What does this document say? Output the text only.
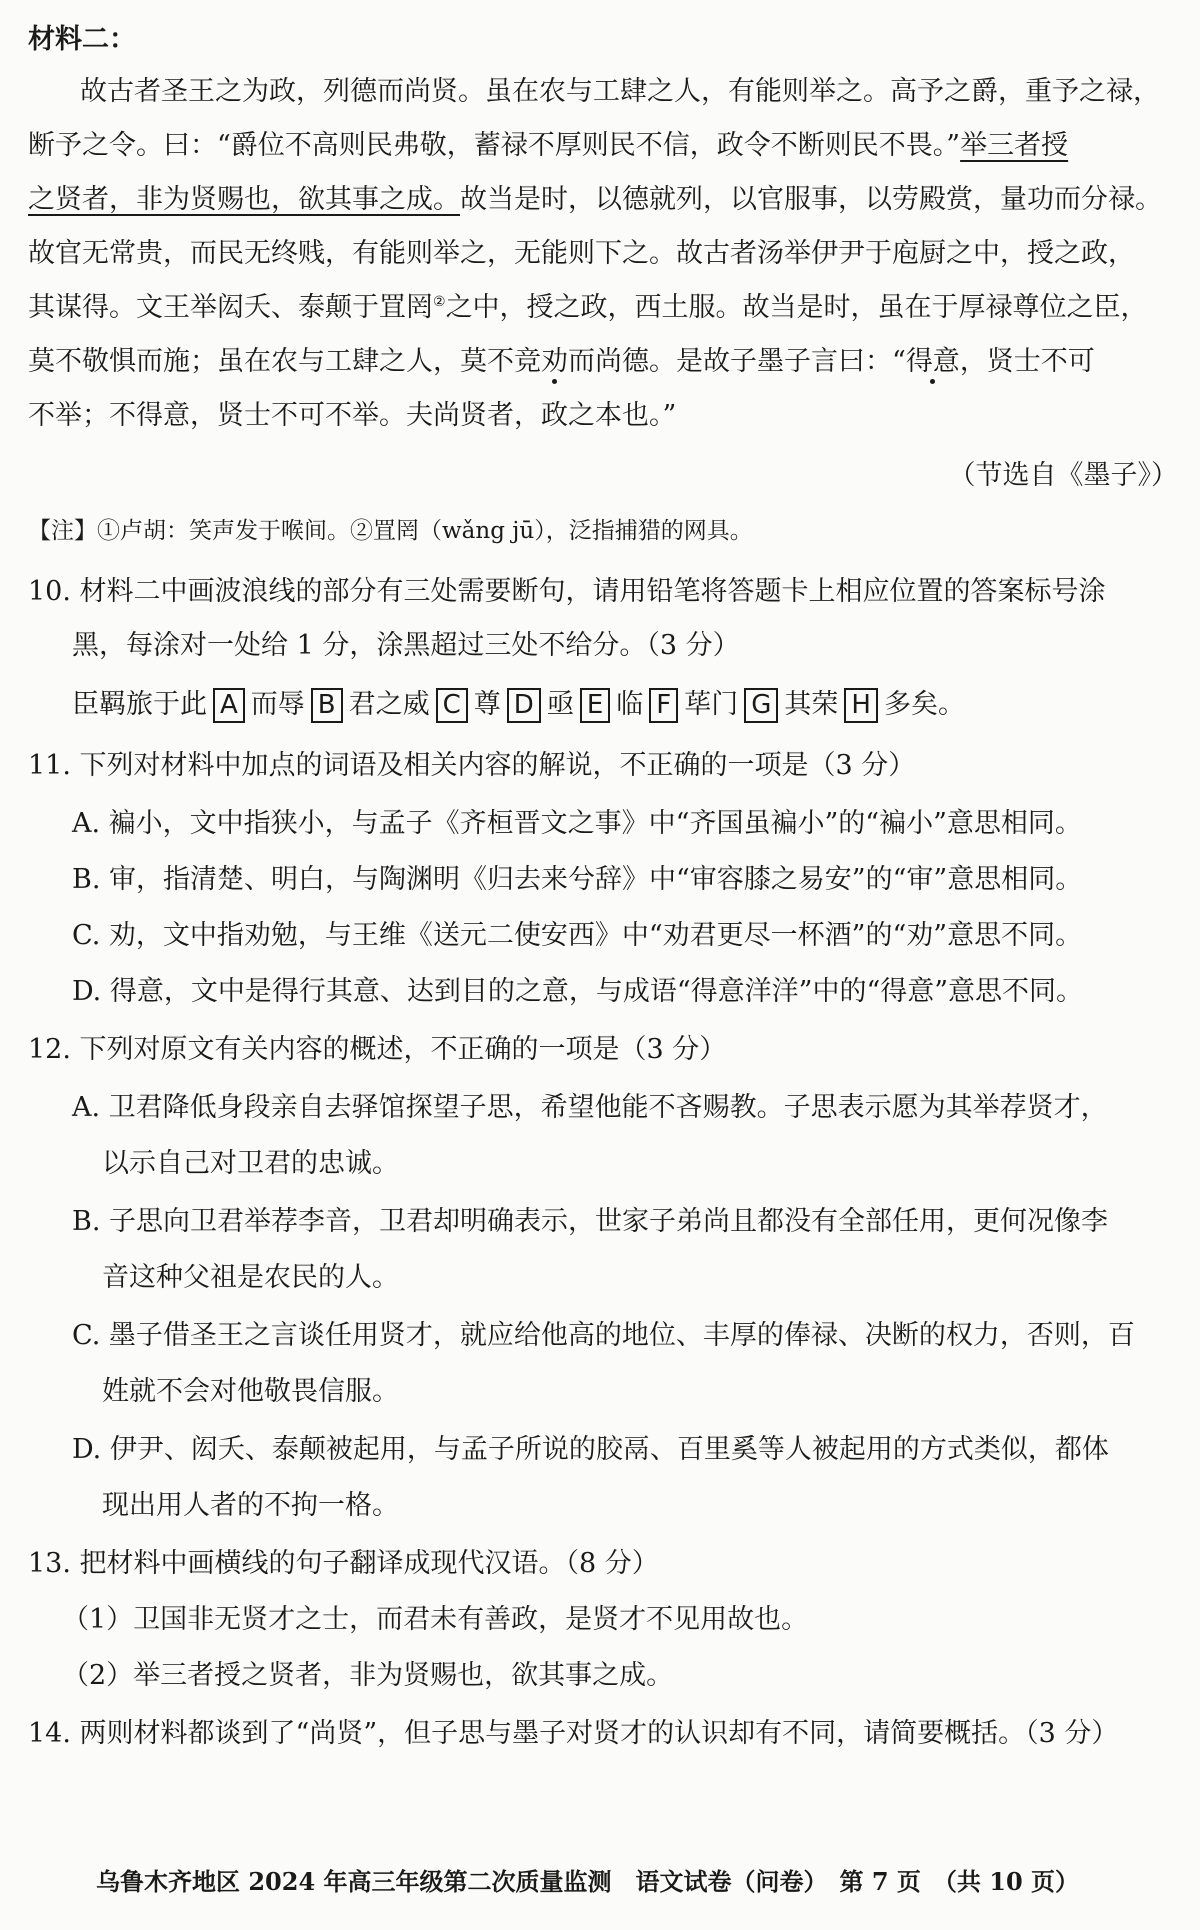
材料二：
故古者圣王之为政，列德而尚贤。虽在农与工肆之人，有能则举之。高予之爵，重予之禄，
断予之令。曰：“爵位不高则民弗敬，蓄禄不厚则民不信，政令不断则民不畏。”举三者授
之贤者，非为贤赐也，欲其事之成。故当是时，以德就列，以官服事，以劳殿赏，量功而分禄。
故官无常贵，而民无终贱，有能则举之，无能则下之。故古者汤举伊尹于庖厨之中，授之政，
其谋得。文王举闳夭、泰颠于罝罔②之中，授之政，西土服。故当是时，虽在于厚禄尊位之臣，
莫不敬惧而施；虽在农与工肆之人，莫不竞劝而尚德。是故子墨子言曰：“得意，贤士不可
不举；不得意，贤士不可不举。夫尚贤者，政之本也。”
（节选自《墨子》）
【注】①卢胡：笑声发于喉间。②罝罔（wǎng jū），泛指捕猎的网具。
10. 材料二中画波浪线的部分有三处需要断句，请用铅笔将答题卡上相应位置的答案标号涂
黑，每涂对一处给 1 分，涂黑超过三处不给分。（3 分）
臣羁旅于此 A 而辱 B 君之威 C 尊 D 亟 E 临 F 荜门 G 其荣 H 多矣。
11. 下列对材料中加点的词语及相关内容的解说，不正确的一项是（3 分）
A. 褊小，文中指狭小，与孟子《齐桓晋文之事》中“齐国虽褊小”的“褊小”意思相同。
B. 审，指清楚、明白，与陶渊明《归去来兮辞》中“审容膝之易安”的“审”意思相同。
C. 劝，文中指劝勉，与王维《送元二使安西》中“劝君更尽一杯酒”的“劝”意思不同。
D. 得意，文中是得行其意、达到目的之意，与成语“得意洋洋”中的“得意”意思不同。
12. 下列对原文有关内容的概述，不正确的一项是（3 分）
A. 卫君降低身段亲自去驿馆探望子思，希望他能不吝赐教。子思表示愿为其举荐贤才，
以示自己对卫君的忠诚。
B. 子思向卫君举荐李音，卫君却明确表示，世家子弟尚且都没有全部任用，更何况像李
音这种父祖是农民的人。
C. 墨子借圣王之言谈任用贤才，就应给他高的地位、丰厚的俸禄、决断的权力，否则，百
姓就不会对他敬畏信服。
D. 伊尹、闳夭、泰颠被起用，与孟子所说的胶鬲、百里奚等人被起用的方式类似，都体
现出用人者的不拘一格。
13. 把材料中画横线的句子翻译成现代汉语。（8 分）
（1）卫国非无贤才之士，而君未有善政，是贤才不见用故也。
（2）举三者授之贤者，非为贤赐也，欲其事之成。
14. 两则材料都谈到了“尚贤”，但子思与墨子对贤才的认识却有不同，请简要概括。（3 分）
乌鲁木齐地区 2024 年高三年级第二次质量监测　语文试卷（问卷）　第 7 页　（共 10 页）
